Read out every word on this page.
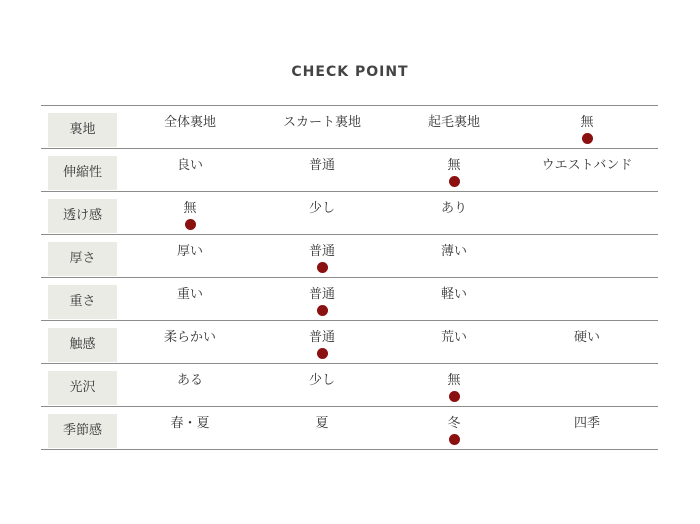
CHECK POINT
裏地	全体裏地	スカート裏地	起毛裏地	無
伸縮性	良い	普通	無	ウエストバンド
透け感	無	少し	あり
厚さ	厚い	普通	薄い
重さ	重い	普通	軽い
触感	柔らかい	普通	荒い	硬い
光沢	ある	少し	無
季節感	春・夏	夏	冬	四季
